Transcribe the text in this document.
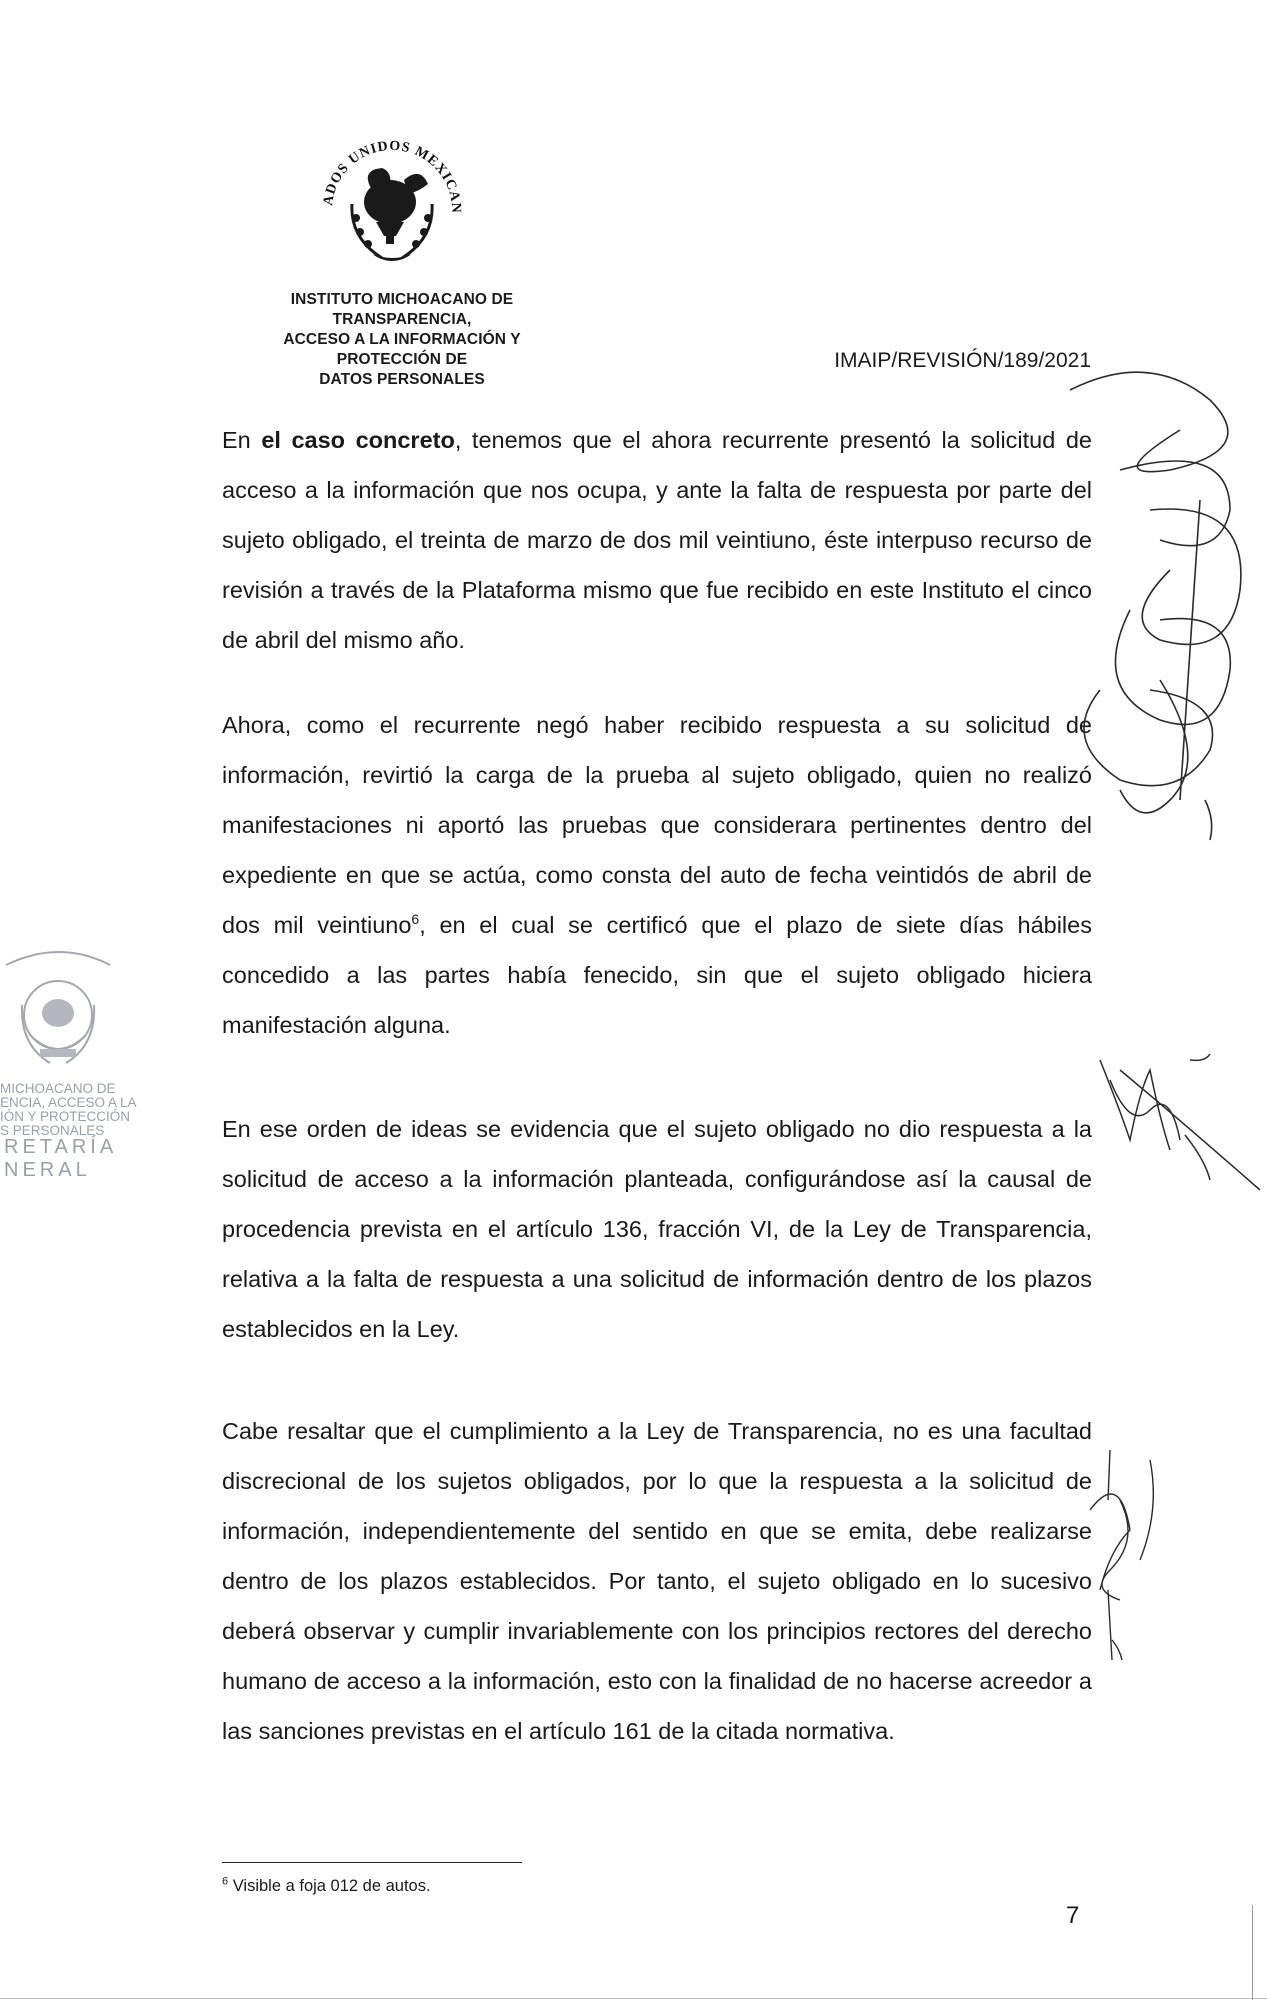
ESTADOS UNIDOS MEXICANOS
INSTITUTO MICHOACANO DE TRANSPARENCIA,
ACCESO A LA INFORMACIÓN Y PROTECCIÓN DE
DATOS PERSONALES
IMAIP/REVISIÓN/189/2021

En el caso concreto, tenemos que el ahora recurrente presentó la solicitud de acceso a la información que nos ocupa, y ante la falta de respuesta por parte del sujeto obligado, el treinta de marzo de dos mil veintiuno, éste interpuso recurso de revisión a través de la Plataforma mismo que fue recibido en este Instituto el cinco de abril del mismo año.

Ahora, como el recurrente negó haber recibido respuesta a su solicitud de información, revirtió la carga de la prueba al sujeto obligado, quien no realizó manifestaciones ni aportó las pruebas que considerara pertinentes dentro del expediente en que se actúa, como consta del auto de fecha veintidós de abril de dos mil veintiuno$^6$, en el cual se certificó que el plazo de siete días hábiles concedido a las partes había fenecido, sin que el sujeto obligado hiciera manifestación alguna.

En ese orden de ideas se evidencia que el sujeto obligado no dio respuesta a la solicitud de acceso a la información planteada, configurándose así la causal de procedencia prevista en el artículo 136, fracción VI, de la Ley de Transparencia, relativa a la falta de respuesta a una solicitud de información dentro de los plazos establecidos en la Ley.

Cabe resaltar que el cumplimiento a la Ley de Transparencia, no es una facultad discrecional de los sujetos obligados, por lo que la respuesta a la solicitud de información, independientemente del sentido en que se emita, debe realizarse dentro de los plazos establecidos. Por tanto, el sujeto obligado en lo sucesivo deberá observar y cumplir invariablemente con los principios rectores del derecho humano de acceso a la información, esto con la finalidad de no hacerse acreedor a las sanciones previstas en el artículo 161 de la citada normativa.

$^6$ Visible a foja 012 de autos.
7
MICHOACANO DE
ENCIA, ACCESO A LA
IÓN Y PROTECCIÓN
S PERSONALES
RETARÍA
NERAL
